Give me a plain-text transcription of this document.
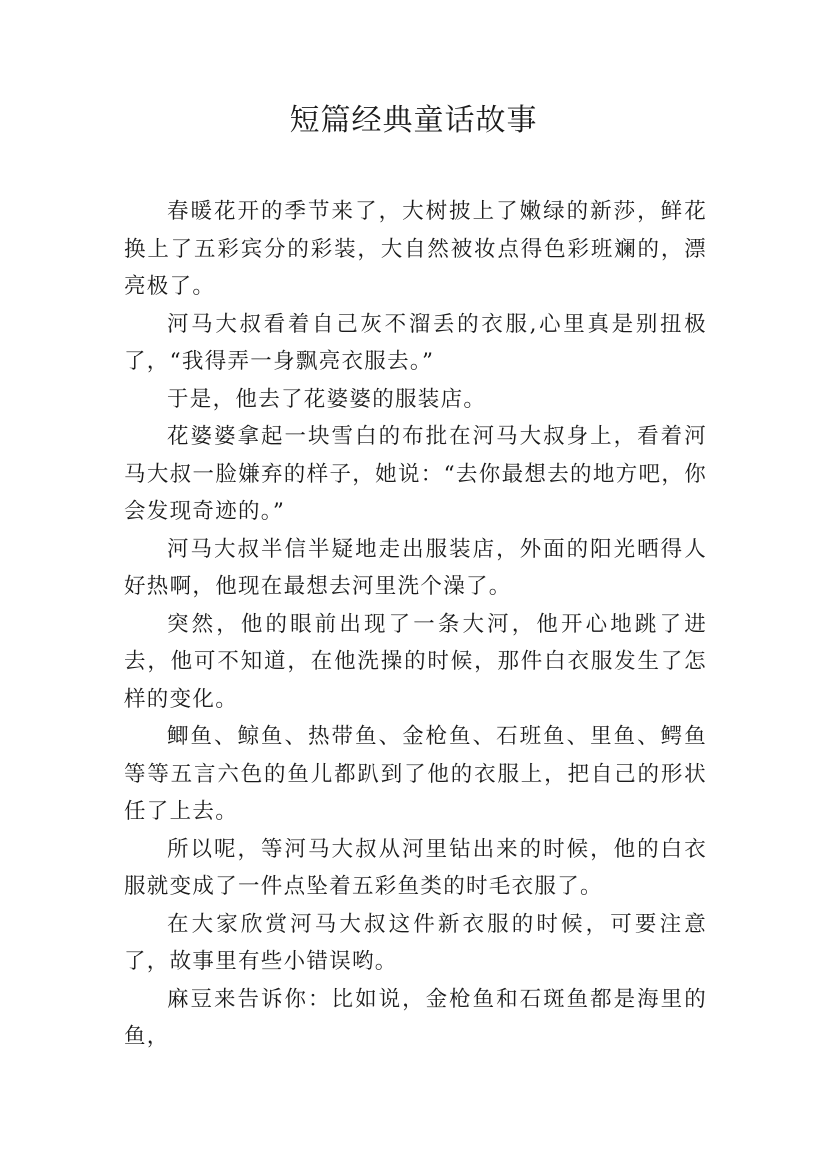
短篇经典童话故事

春暖花开的季节来了，大树披上了嫩绿的新莎，鲜花换上了五彩宾分的彩装，大自然被妆点得色彩班斓的，漂亮极了。

河马大叔看着自己灰不溜丢的衣服,心里真是别扭极了，“我得弄一身飘亮衣服去。”

于是，他去了花婆婆的服装店。

花婆婆拿起一块雪白的布批在河马大叔身上，看着河马大叔一脸嫌弃的样子，她说：“去你最想去的地方吧，你会发现奇迹的。”

河马大叔半信半疑地走出服装店，外面的阳光晒得人好热啊，他现在最想去河里洗个澡了。

突然，他的眼前出现了一条大河，他开心地跳了进去，他可不知道，在他洗操的时候，那件白衣服发生了怎样的变化。

鲫鱼、鲸鱼、热带鱼、金枪鱼、石班鱼、里鱼、鳄鱼等等五言六色的鱼儿都趴到了他的衣服上，把自己的形状任了上去。

所以呢，等河马大叔从河里钻出来的时候，他的白衣服就变成了一件点坠着五彩鱼类的时毛衣服了。

在大家欣赏河马大叔这件新衣服的时候，可要注意了，故事里有些小错误哟。

麻豆来告诉你：比如说，金枪鱼和石斑鱼都是海里的鱼，
